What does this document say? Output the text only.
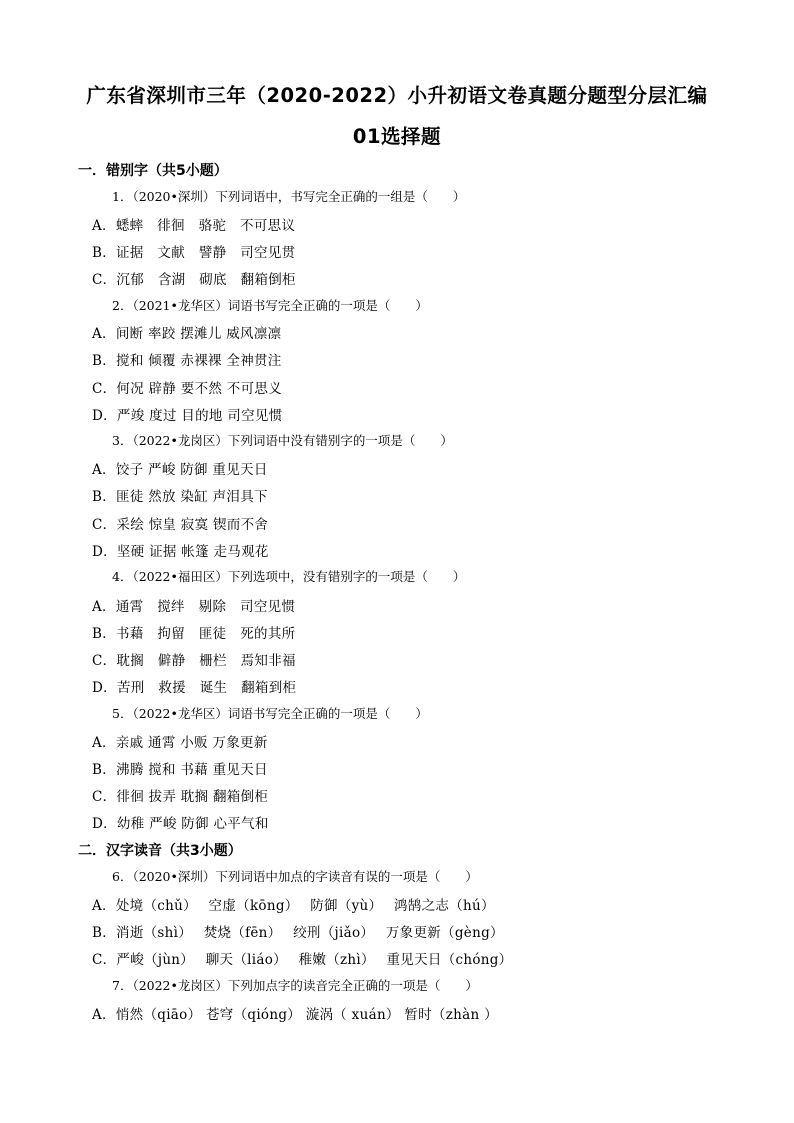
广东省深圳市三年（2020-2022）小升初语文卷真题分题型分层汇编
01选择题
一．错别字（共5小题）
1．（2020•深圳）下列词语中，书写完全正确的一组是（　　）
A．蟋蟀　徘徊　骆驼　不可思议
B．证据　文献　譬静　司空见贯
C．沉郁　含湖　砌底　翻箱倒柜
2．（2021•龙华区）词语书写完全正确的一项是（　　）
A．间断 率跤 摆滩儿 威风凛凛
B．搅和 倾覆 赤裸裸 全神贯注
C．何况 辟静 要不然 不可思义
D．严竣 度过 目的地 司空见惯
3．（2022•龙岗区）下列词语中没有错别字的一项是（　　）
A．饺子 严峻 防御 重见天日
B．匪徒 然放 染缸 声泪具下
C．采绘 惊皇 寂寞 锲而不舍
D．坚硬 证据 帐篷 走马观花
4．（2022•福田区）下列选项中，没有错别字的一项是（　　）
A．通霄　搅绊　剔除　司空见惯
B．书藉　拘留　匪徒　死的其所
C．耽搁　僻静　栅栏　焉知非福
D．苦刑　救援　诞生　翻箱到柜
5．（2022•龙华区）词语书写完全正确的一项是（　　）
A．亲戚 通霄 小贩 万象更新
B．沸腾 搅和 书藉 重见天日
C．徘徊 拔弄 耽搁 翻箱倒柜
D．幼稚 严峻 防御 心平气和
二．汉字读音（共3小题）
6．（2020•深圳）下列词语中加点的字读音有误的一项是（　　）
A．处境（chǔ）　 空虚（kōng）　 防御（yù）　 鸿鹄之志（hú）
B．消逝（shì）　 焚烧（fēn）　 绞刑（jiǎo）　 万象更新（gèng）
C．严峻（jùn）　 聊天（liáo）　 稚嫩（zhì）　 重见天日（chóng）
7．（2022•龙岗区）下列加点字的读音完全正确的一项是（　　）
A．悄然（qiāo） 苍穹（qióng） 漩涡（ xuán） 暂时（zhàn ）
